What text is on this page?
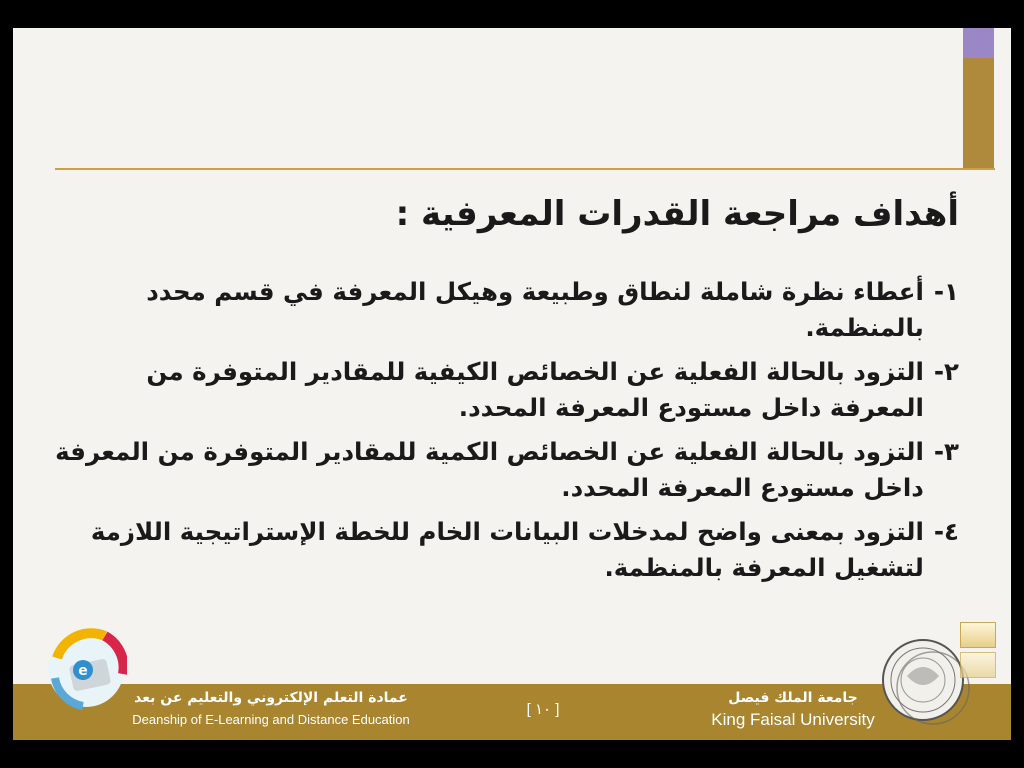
أهداف مراجعة القدرات المعرفية :
١-
أعطاء نظرة شاملة لنطاق وطبيعة وهيكل المعرفة في قسم محدد بالمنظمة.
٢-
التزود بالحالة الفعلية عن الخصائص الكيفية للمقادير المتوفرة من المعرفة داخل مستودع المعرفة المحدد.
٣-
التزود بالحالة الفعلية عن الخصائص الكمية للمقادير المتوفرة من المعرفة داخل مستودع المعرفة المحدد.
٤-
التزود بمعنى واضح لمدخلات البيانات الخام للخطة الإستراتيجية اللازمة لتشغيل المعرفة بالمنظمة.
عمادة التعلم الإلكتروني والتعليم عن بعد
Deanship of E-Learning and Distance Education
[ ١٠ ]
جامعة الملك فيصل
King Faisal University
e
